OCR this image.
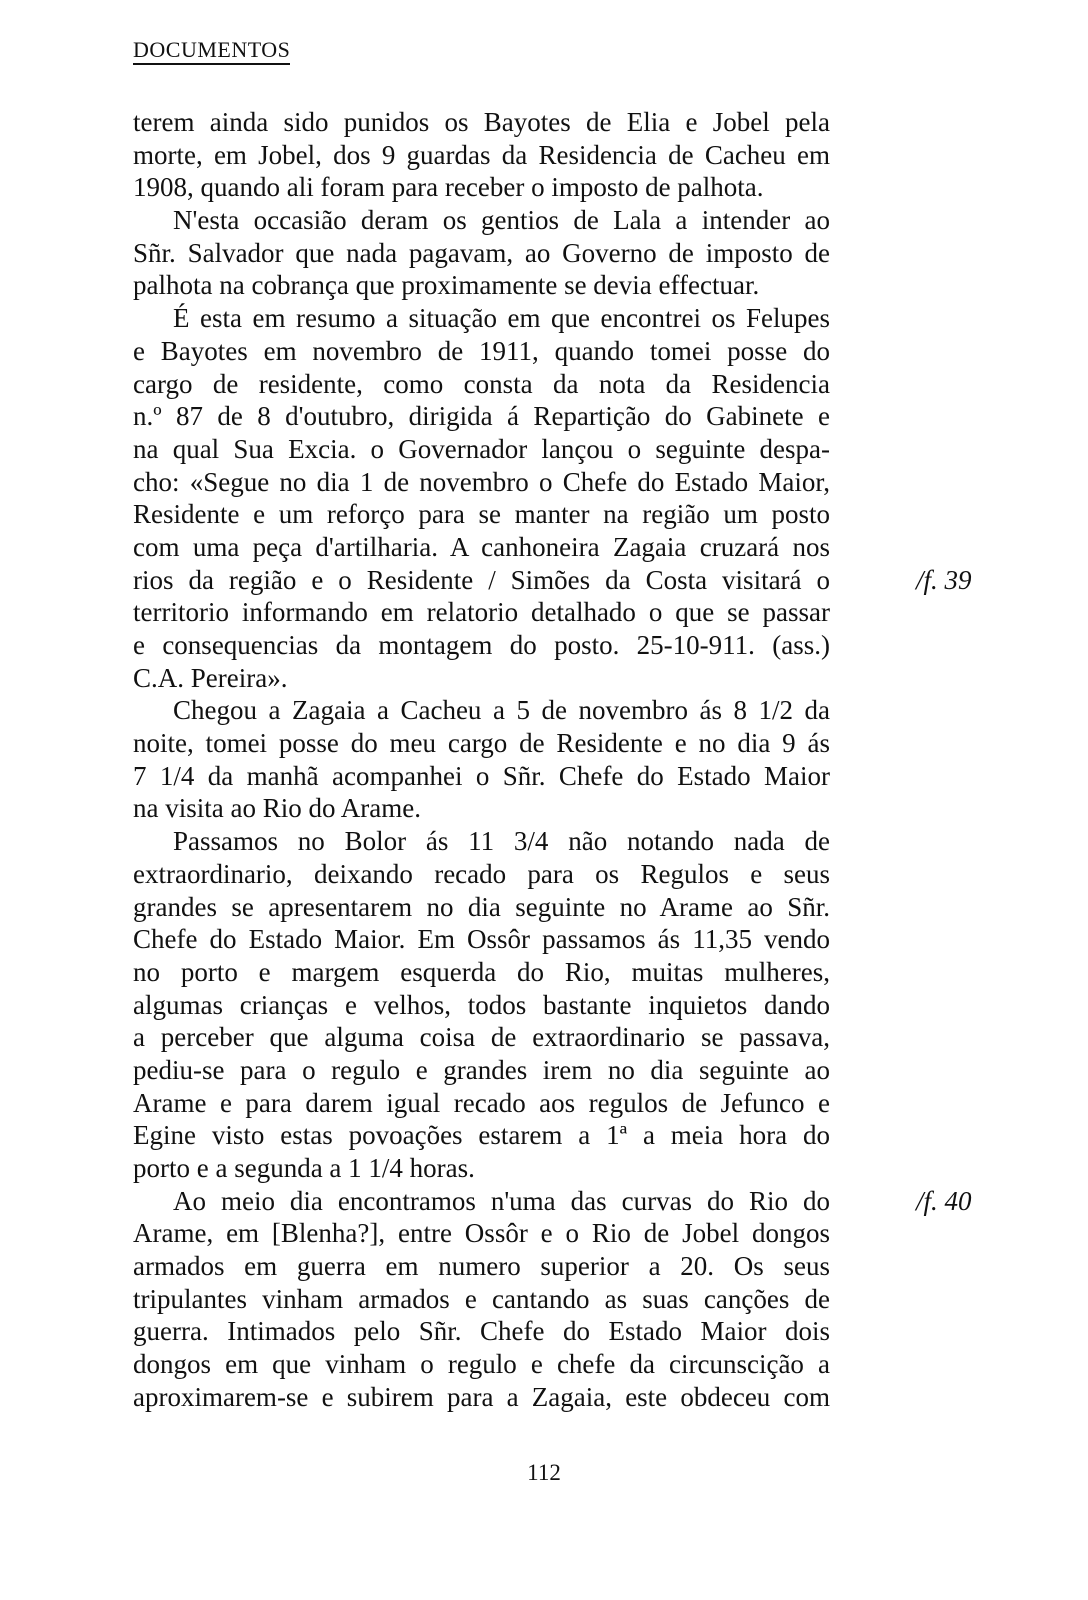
DOCUMENTOS
terem ainda sido punidos os Bayotes de Elia e Jobel pela
morte, em Jobel, dos 9 guardas da Residencia de Cacheu em
1908, quando ali foram para receber o imposto de palhota.
N'esta occasião deram os gentios de Lala a intender ao
Sñr. Salvador que nada pagavam, ao Governo de imposto de
palhota na cobrança que proximamente se devia effectuar.
É esta em resumo a situação em que encontrei os Felupes
e Bayotes em novembro de 1911, quando tomei posse do
cargo de residente, como consta da nota da Residencia
n.º 87 de 8 d'outubro, dirigida á Repartição do Gabinete e
na qual Sua Excia. o Governador lançou o seguinte despa-
cho: «Segue no dia 1 de novembro o Chefe do Estado Maior,
Residente e um reforço para se manter na região um posto
com uma peça d'artilharia. A canhoneira Zagaia cruzará nos
rios da região e o Residente / Simões da Costa visitará o
territorio informando em relatorio detalhado o que se passar
e consequencias da montagem do posto. 25-10-911. (ass.)
C.A. Pereira».
Chegou a Zagaia a Cacheu a 5 de novembro ás 8 1/2 da
noite, tomei posse do meu cargo de Residente e no dia 9 ás
7 1/4 da manhã acompanhei o Sñr. Chefe do Estado Maior
na visita ao Rio do Arame.
Passamos no Bolor ás 11 3/4 não notando nada de
extraordinario, deixando recado para os Regulos e seus
grandes se apresentarem no dia seguinte no Arame ao Sñr.
Chefe do Estado Maior. Em Ossôr passamos ás 11,35 vendo
no porto e margem esquerda do Rio, muitas mulheres,
algumas crianças e velhos, todos bastante inquietos dando
a perceber que alguma coisa de extraordinario se passava,
pediu-se para o regulo e grandes irem no dia seguinte ao
Arame e para darem igual recado aos regulos de Jefunco e
Egine visto estas povoações estarem a 1ª a meia hora do
porto e a segunda a 1 1/4 horas.
Ao meio dia encontramos n'uma das curvas do Rio do
Arame, em [Blenha?], entre Ossôr e o Rio de Jobel dongos
armados em guerra em numero superior a 20. Os seus
tripulantes vinham armados e cantando as suas canções de
guerra. Intimados pelo Sñr. Chefe do Estado Maior dois
dongos em que vinham o regulo e chefe da circunscição a
aproximarem-se e subirem para a Zagaia, este obdeceu com
/f. 39
/f. 40
112
